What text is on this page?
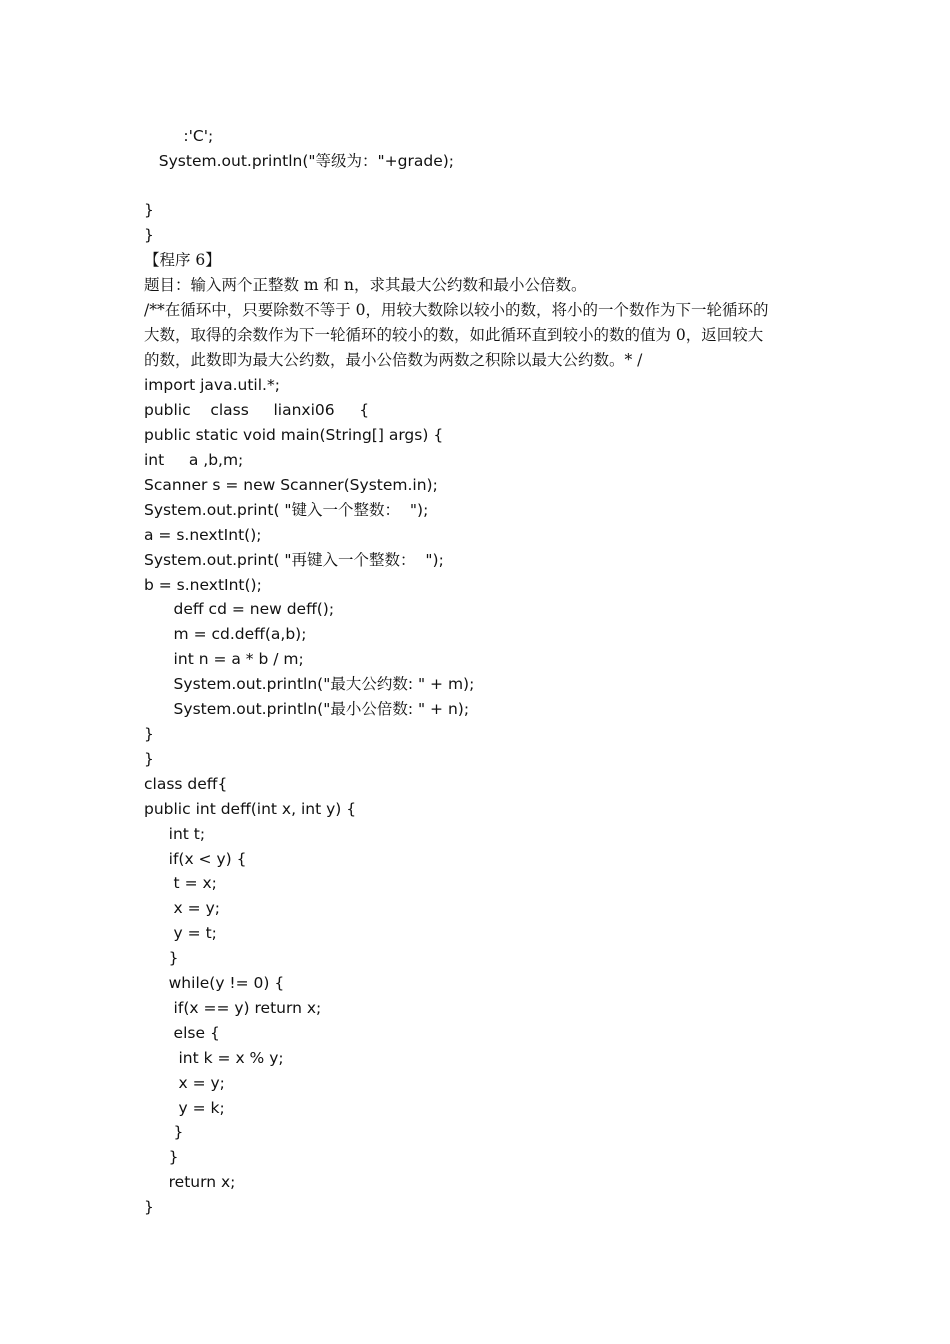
:'C';
System.out.println("等级为："+grade);
}
}
【程序 6】
题目：输入两个正整数 m 和 n，求其最大公约数和最小公倍数。
/**在循环中，只要除数不等于 0，用较大数除以较小的数，将小的一个数作为下一轮循环的
大数，取得的余数作为下一轮循环的较小的数，如此循环直到较小的数的值为 0，返回较大
的数，此数即为最大公约数，最小公倍数为两数之积除以最大公约数。* /
import java.util.*;
public    class     lianxi06     {
public static void main(String[] args) {
int     a ,b,m;
Scanner s = new Scanner(System.in);
System.out.print( "键入一个整数：  ");
a = s.nextInt();
System.out.print( "再键入一个整数：  ");
b = s.nextInt();
deff cd = new deff();
m = cd.deff(a,b);
int n = a * b / m;
System.out.println("最大公约数: " + m);
System.out.println("最小公倍数: " + n);
}
}
class deff{
public int deff(int x, int y) {
int t;
if(x < y) {
t = x;
x = y;
y = t;
}
while(y != 0) {
if(x == y) return x;
else {
int k = x % y;
x = y;
y = k;
}
}
return x;
}
